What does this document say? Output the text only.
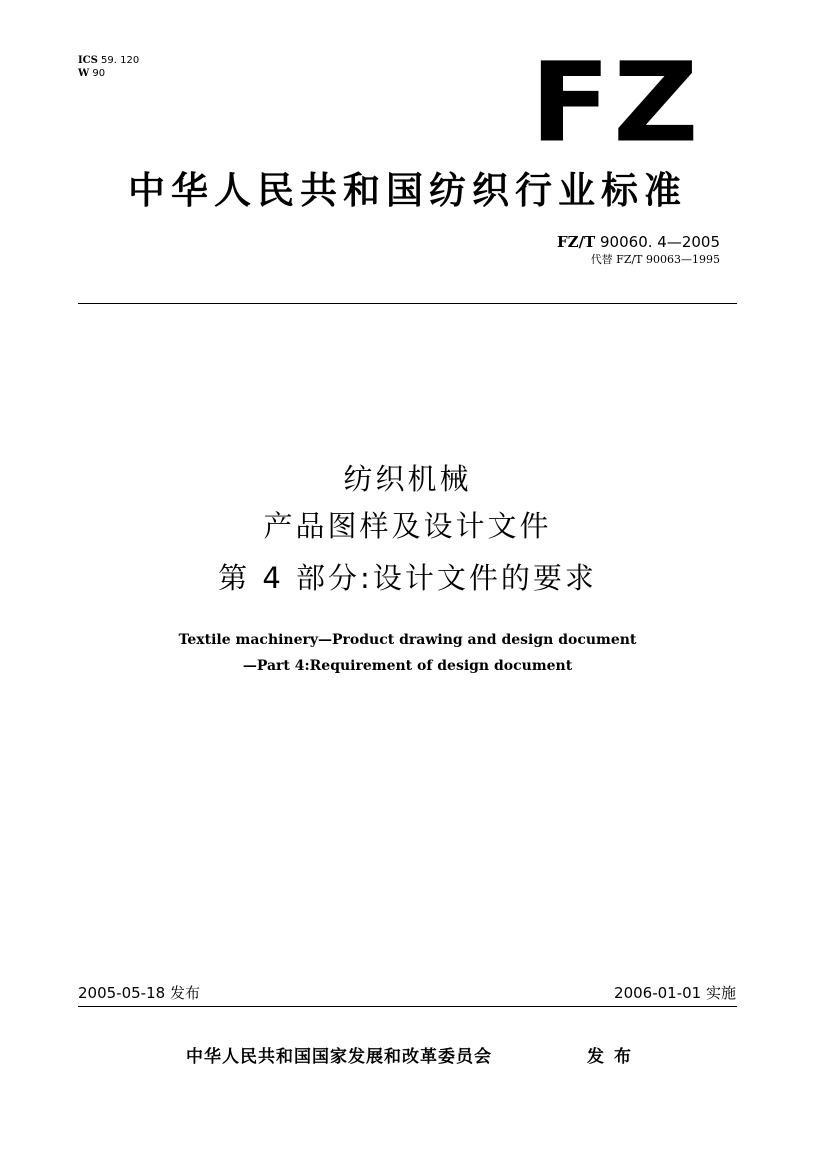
ICS 59. 120
W 90	FZ
中华人民共和国纺织行业标准
FZ/T 90060. 4—2005
代替 FZ/T 90063—1995
纺织机械
产品图样及设计文件
第 4 部分:设计文件的要求
Textile machinery—Product drawing and design document
—Part 4:Requirement of design document
2005-05-18 发布	2006-01-01 实施
中华人民共和国国家发展和改革委员会	发布
